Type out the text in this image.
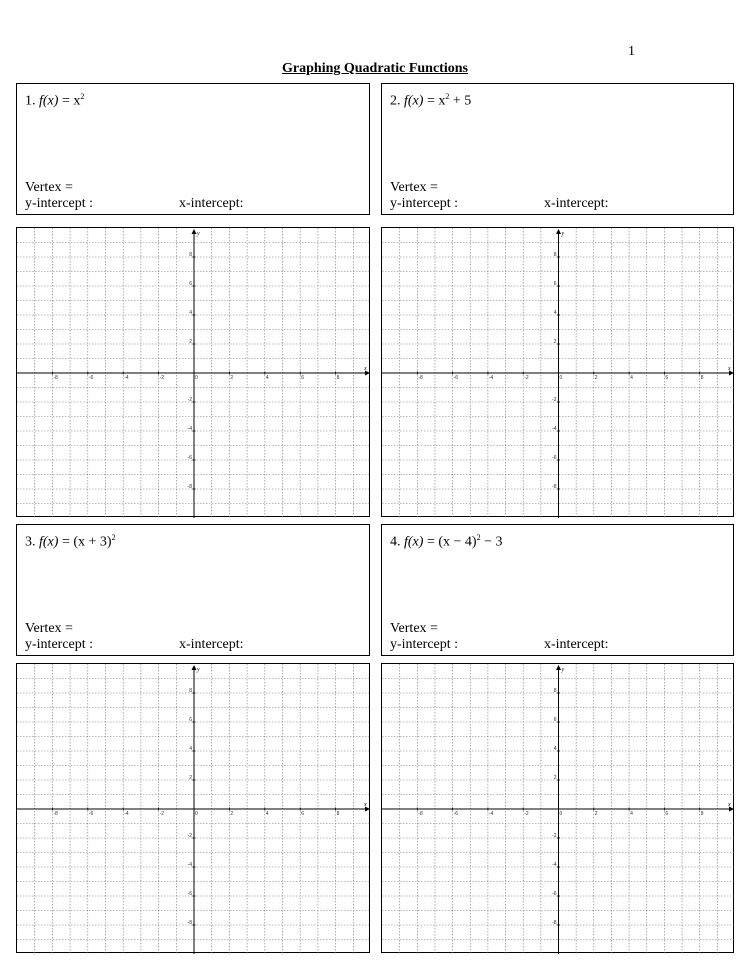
1
Graphing Quadratic Functions
1. $f(x) = x^2$
Vertex =
y-intercept :	x-intercept:
2. $f(x) = x^2 + 5$
Vertex =
y-intercept :	x-intercept:
x
y
-8	-6	-4	-2	0	2	4	6	8
8
6
4
2
-2
-4
-6
-8
x
y
-8	-6	-4	-2	0	2	4	6	8
8
6
4
2
-2
-4
-6
-8
3. $f(x) = (x + 3)^2$
Vertex =
y-intercept :	x-intercept:
4. $f(x) = (x - 4)^2 - 3$
Vertex =
y-intercept :	x-intercept:
x
y
-8	-6	-4	-2	0	2	4	6	8
8
6
4
2
-2
-4
-6
-8
x
y
-8	-6	-4	-2	0	2	4	6	8
8
6
4
2
-2
-4
-6
-8
